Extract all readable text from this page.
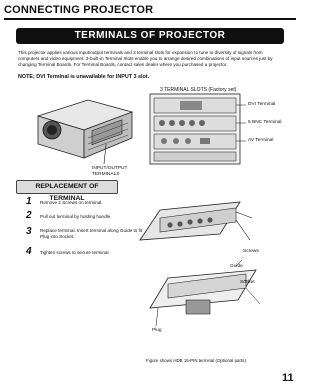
CONNECTING PROJECTOR
TERMINALS OF PROJECTOR
This projector applies various input/output terminals and 3 terminal slots for expansion to tune to diversity of signals from computers and video equipment. 3-built-in Terminal Slots enable you to arrange desired combinations of input sources just by changing Terminal Boards. For Terminal Boards, contact sales dealer where you purchased a projector.
NOTE; DVI Terminal is unavailable for INPUT 3 slot.
3 TERMINAL SLOTS (Factory set)
DVI Terminal
5 BNC Terminal
AV Terminal
INPUT/OUTPUT
TERMINALS
REPLACEMENT OF TERMINAL
1 Remove 2 Screws on terminal.
2 Pull out terminal by holding handle.
3 Replace terminal. Insert terminal along Guide to fit Plug into Socket.
4 Tighten screws to secure terminal.	Screws
Guide
Socket
Plug
Figure shows HDB 15-PIN terminal (Optional parts).
11
